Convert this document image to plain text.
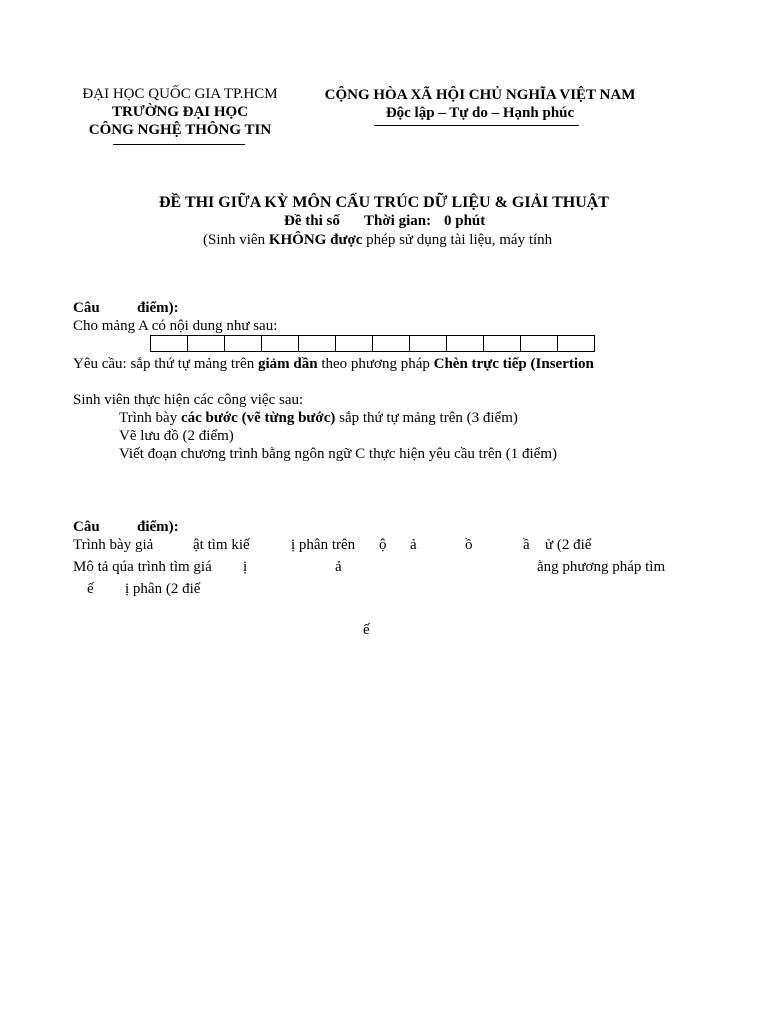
ĐẠI HỌC QUỐC GIA TP.HCM
TRƯỜNG ĐẠI HỌC
CÔNG NGHỆ THÔNG TIN
CỘNG HÒA XÃ HỘI CHỦ NGHĨA VIỆT NAM
Độc lập – Tự do – Hạnh phúc
ĐỀ THI GIỮA KỲ MÔN CẤU TRÚC DỮ LIỆU & GIẢI THUẬT
Đề thi số Thời gian: 0 phút
(Sinh viên KHÔNG được phép sử dụng tài liệu, máy tính
Câu điểm):
Cho mảng A có nội dung như sau:

Yêu cầu: sắp thứ tự mảng trên giảm dần theo phương pháp Chèn trực tiếp (Insertion
Sinh viên thực hiện các công việc sau:
Trình bày các bước (vẽ từng bước) sắp thứ tự mảng trên (3 điểm)
Vẽ lưu đồ (2 điểm)
Viết đoạn chương trình bằng ngôn ngữ C thực hiện yêu cầu trên (1 điểm)
Câu điểm):
Trình bày giả	ật tìm kiế	ị phân trên ộ ả	ồ	ầ ử (2 điể
Mô tả qúa trình tìm giá ị	ả	ằng phương pháp tìm
ế ị phân (2 điể
ế
